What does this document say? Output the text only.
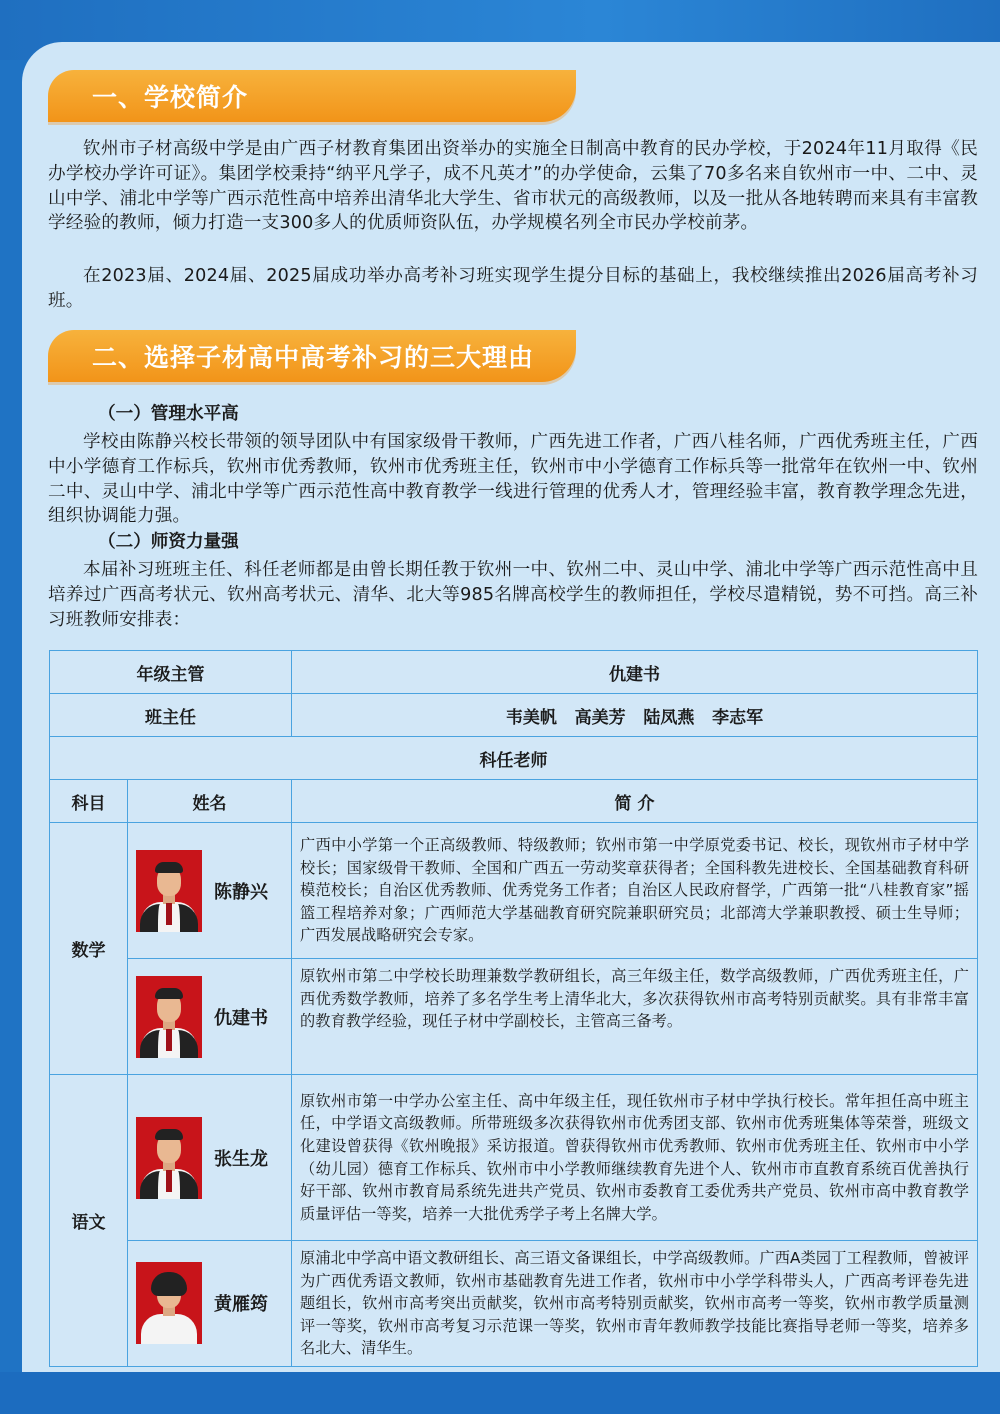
一、学校简介
钦州市子材高级中学是由广西子材教育集团出资举办的实施全日制高中教育的民办学校，于2024年11月取得《民办学校办学许可证》。集团学校秉持“纳平凡学子，成不凡英才”的办学使命，云集了70多名来自钦州市一中、二中、灵山中学、浦北中学等广西示范性高中培养出清华北大学生、省市状元的高级教师，以及一批从各地转聘而来具有丰富教学经验的教师，倾力打造一支300多人的优质师资队伍，办学规模名列全市民办学校前茅。
在2023届、2024届、2025届成功举办高考补习班实现学生提分目标的基础上，我校继续推出2026届高考补习班。
二、选择子材高中高考补习的三大理由
（一）管理水平高
学校由陈静兴校长带领的领导团队中有国家级骨干教师，广西先进工作者，广西八桂名师，广西优秀班主任，广西中小学德育工作标兵，钦州市优秀教师，钦州市优秀班主任，钦州市中小学德育工作标兵等一批常年在钦州一中、钦州二中、灵山中学、浦北中学等广西示范性高中教育教学一线进行管理的优秀人才，管理经验丰富，教育教学理念先进，组织协调能力强。
（二）师资力量强
本届补习班班主任、科任老师都是由曾长期任教于钦州一中、钦州二中、灵山中学、浦北中学等广西示范性高中且培养过广西高考状元、钦州高考状元、清华、北大等985名牌高校学生的教师担任，学校尽遣精锐，势不可挡。高三补习班教师安排表：
年级主管		仇建书
班主任		韦美帆   高美芳   陆凤燕   李志军
科任老师		
科目	姓名	简 介
数学	陈静兴	广西中小学第一个正高级教师、特级教师；钦州市第一中学原党委书记、校长，现钦州市子材中学校长；国家级骨干教师、全国和广西五一劳动奖章获得者；全国科教先进校长、全国基础教育科研模范校长；自治区优秀教师、优秀党务工作者；自治区人民政府督学，广西第一批“八桂教育家”摇篮工程培养对象；广西师范大学基础教育研究院兼职研究员；北部湾大学兼职教授、硕士生导师；广西发展战略研究会专家。

	仇建书	原钦州市第二中学校长助理兼数学教研组长，高三年级主任，数学高级教师，广西优秀班主任，广西优秀数学教师，培养了多名学生考上清华北大，多次获得钦州市高考特别贡献奖。具有非常丰富的教育教学经验，现任子材中学副校长，主管高三备考。
语文	张生龙	原钦州市第一中学办公室主任、高中年级主任，现任钦州市子材中学执行校长。常年担任高中班主任，中学语文高级教师。所带班级多次获得钦州市优秀团支部、钦州市优秀班集体等荣誉，班级文化建设曾获得《钦州晚报》采访报道。曾获得钦州市优秀教师、钦州市优秀班主任、钦州市中小学（幼儿园）德育工作标兵、钦州市中小学教师继续教育先进个人、钦州市市直教育系统百优善执行好干部、钦州市教育局系统先进共产党员、钦州市委教育工委优秀共产党员、钦州市高中教育教学质量评估一等奖，培养一大批优秀学子考上名牌大学。

	黄雁筠	原浦北中学高中语文教研组长、高三语文备课组长，中学高级教师。广西A类园丁工程教师，曾被评为广西优秀语文教师，钦州市基础教育先进工作者，钦州市中小学学科带头人，广西高考评卷先进题组长，钦州市高考突出贡献奖，钦州市高考特别贡献奖，钦州市高考一等奖，钦州市教学质量测评一等奖，钦州市高考复习示范课一等奖，钦州市青年教师教学技能比赛指导老师一等奖，培养多名北大、清华生。
